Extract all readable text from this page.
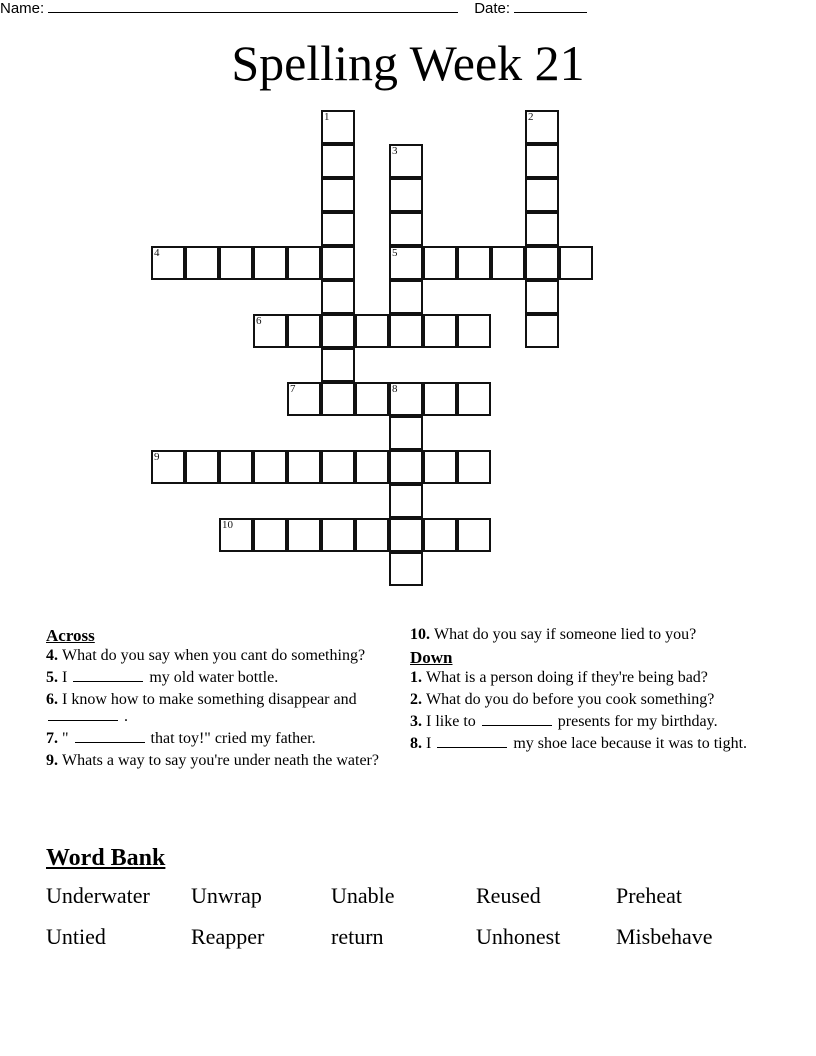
Name:	Date:
Spelling Week 21
1	2
3
5
4
6
7	8
9
10
Across
4. What do you say when you cant do something?
5. I	my old water bottle.
6. I know how to make something disappear and  .
7. "	that toy!" cried my father.
9. Whats a way to say you're under neath the water?
10. What do you say if someone lied to you?
Down
1. What is a person doing if they're being bad?
2. What do you do before you cook something?
3. I like to	presents for my birthday.
8. I	my shoe lace because it was to tight.
Word Bank
Underwater	Unwrap	Unable	Reused	Preheat
Untied	Reapper	return	Unhonest	Misbehave
